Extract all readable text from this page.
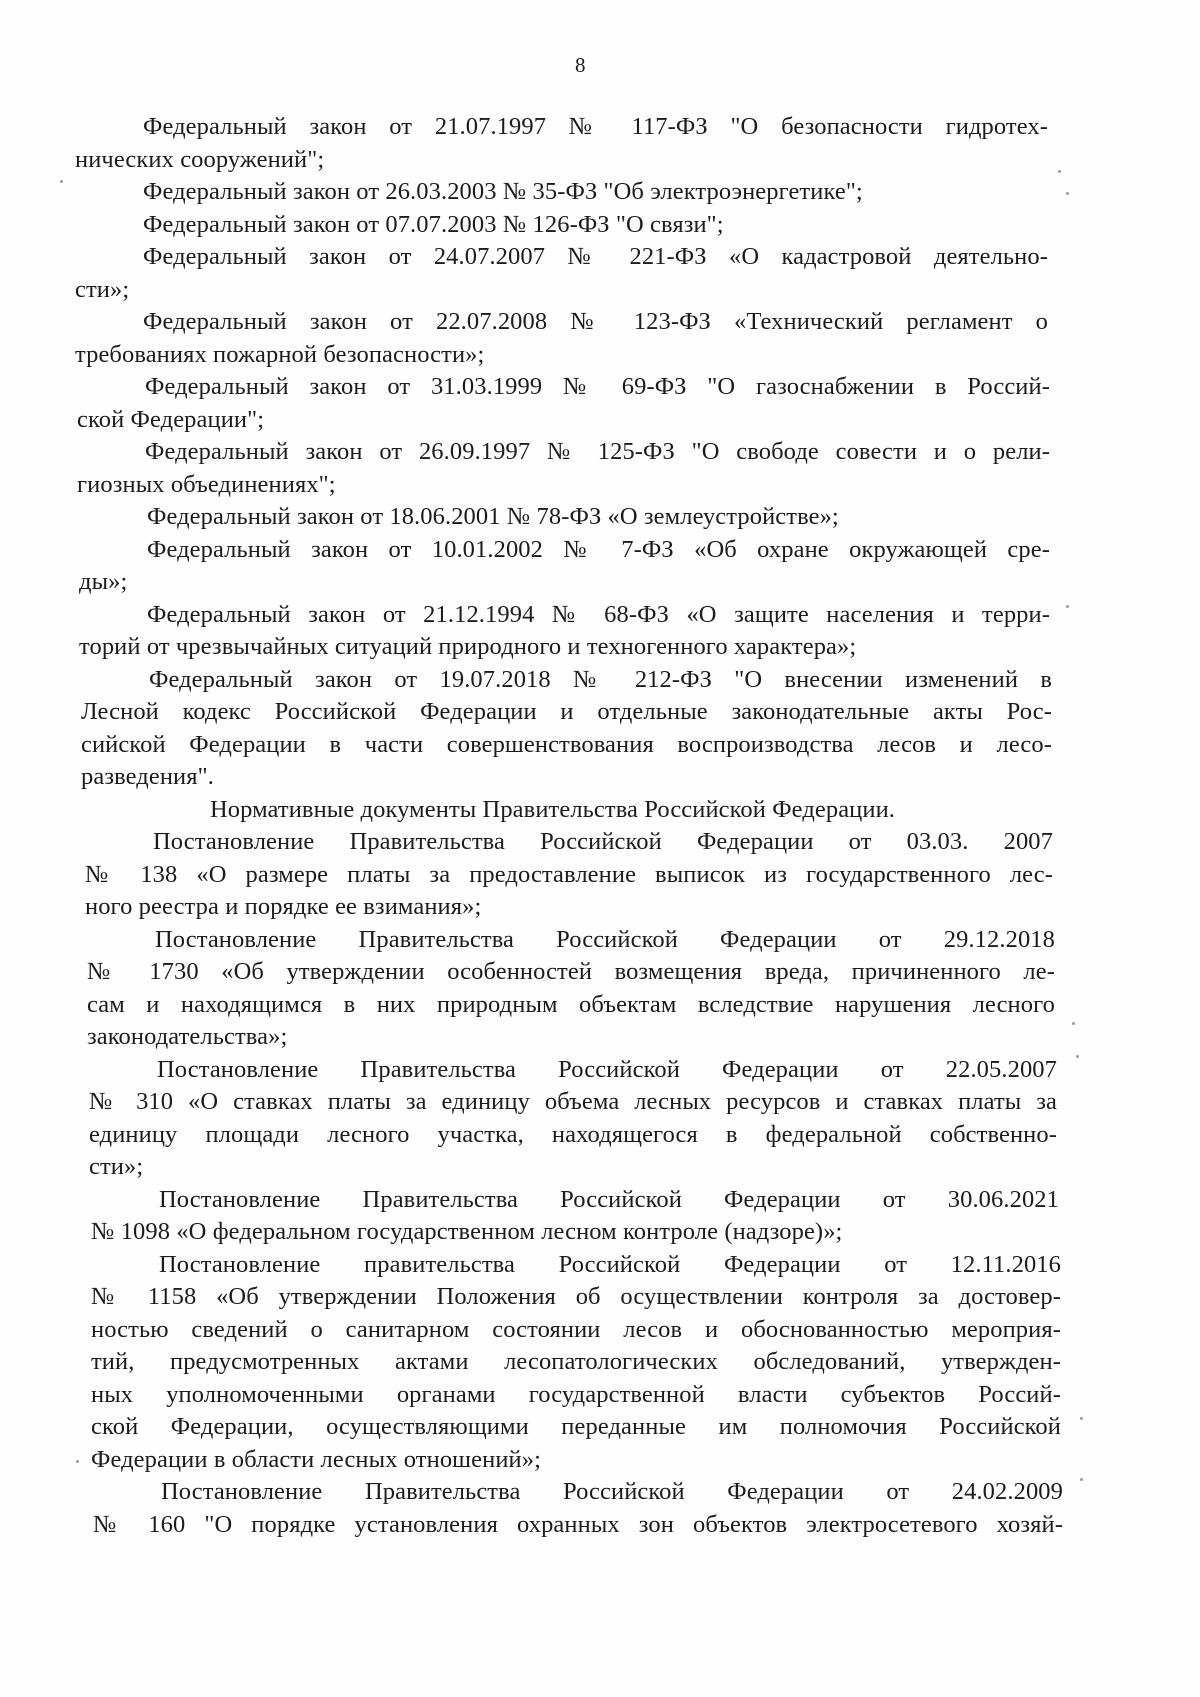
8
Федеральный закон от 21.07.1997 № 117-ФЗ "О безопасности гидротех-
нических сооружений";
Федеральный закон от 26.03.2003 № 35-ФЗ "Об электроэнергетике";
Федеральный закон от 07.07.2003 № 126-ФЗ "О связи";
Федеральный закон от 24.07.2007 № 221-ФЗ «О кадастровой деятельно-
сти»;
Федеральный закон от 22.07.2008 № 123-ФЗ «Технический регламент о
требованиях пожарной безопасности»;
Федеральный закон от 31.03.1999 № 69-ФЗ "О газоснабжении в Россий-
ской Федерации";
Федеральный закон от 26.09.1997 № 125-ФЗ "О свободе совести и о рели-
гиозных объединениях";
Федеральный закон от 18.06.2001 № 78-ФЗ «О землеустройстве»;
Федеральный закон от 10.01.2002 № 7-ФЗ «Об охране окружающей сре-
ды»;
Федеральный закон от 21.12.1994 № 68-ФЗ «О защите населения и терри-
торий от чрезвычайных ситуаций природного и техногенного характера»;
Федеральный закон от 19.07.2018 № 212-ФЗ "О внесении изменений в
Лесной кодекс Российской Федерации и отдельные законодательные акты Рос-
сийской Федерации в части совершенствования воспроизводства лесов и лесо-
разведения".
Нормативные документы Правительства Российской Федерации.
Постановление Правительства Российской Федерации от 03.03. 2007
№ 138 «О размере платы за предоставление выписок из государственного лес-
ного реестра и порядке ее взимания»;
Постановление Правительства Российской Федерации от 29.12.2018
№ 1730 «Об утверждении особенностей возмещения вреда, причиненного ле-
сам и находящимся в них природным объектам вследствие нарушения лесного
законодательства»;
Постановление Правительства Российской Федерации от 22.05.2007
№ 310 «О ставках платы за единицу объема лесных ресурсов и ставках платы за
единицу площади лесного участка, находящегося в федеральной собственно-
сти»;
Постановление Правительства Российской Федерации от 30.06.2021
№ 1098 «О федеральном государственном лесном контроле (надзоре)»;
Постановление правительства Российской Федерации от 12.11.2016
№ 1158 «Об утверждении Положения об осуществлении контроля за достовер-
ностью сведений о санитарном состоянии лесов и обоснованностью мероприя-
тий, предусмотренных актами лесопатологических обследований, утвержден-
ных уполномоченными органами государственной власти субъектов Россий-
ской Федерации, осуществляющими переданные им полномочия Российской
Федерации в области лесных отношений»;
Постановление Правительства Российской Федерации от 24.02.2009
№ 160 "О порядке установления охранных зон объектов электросетевого хозяй-
